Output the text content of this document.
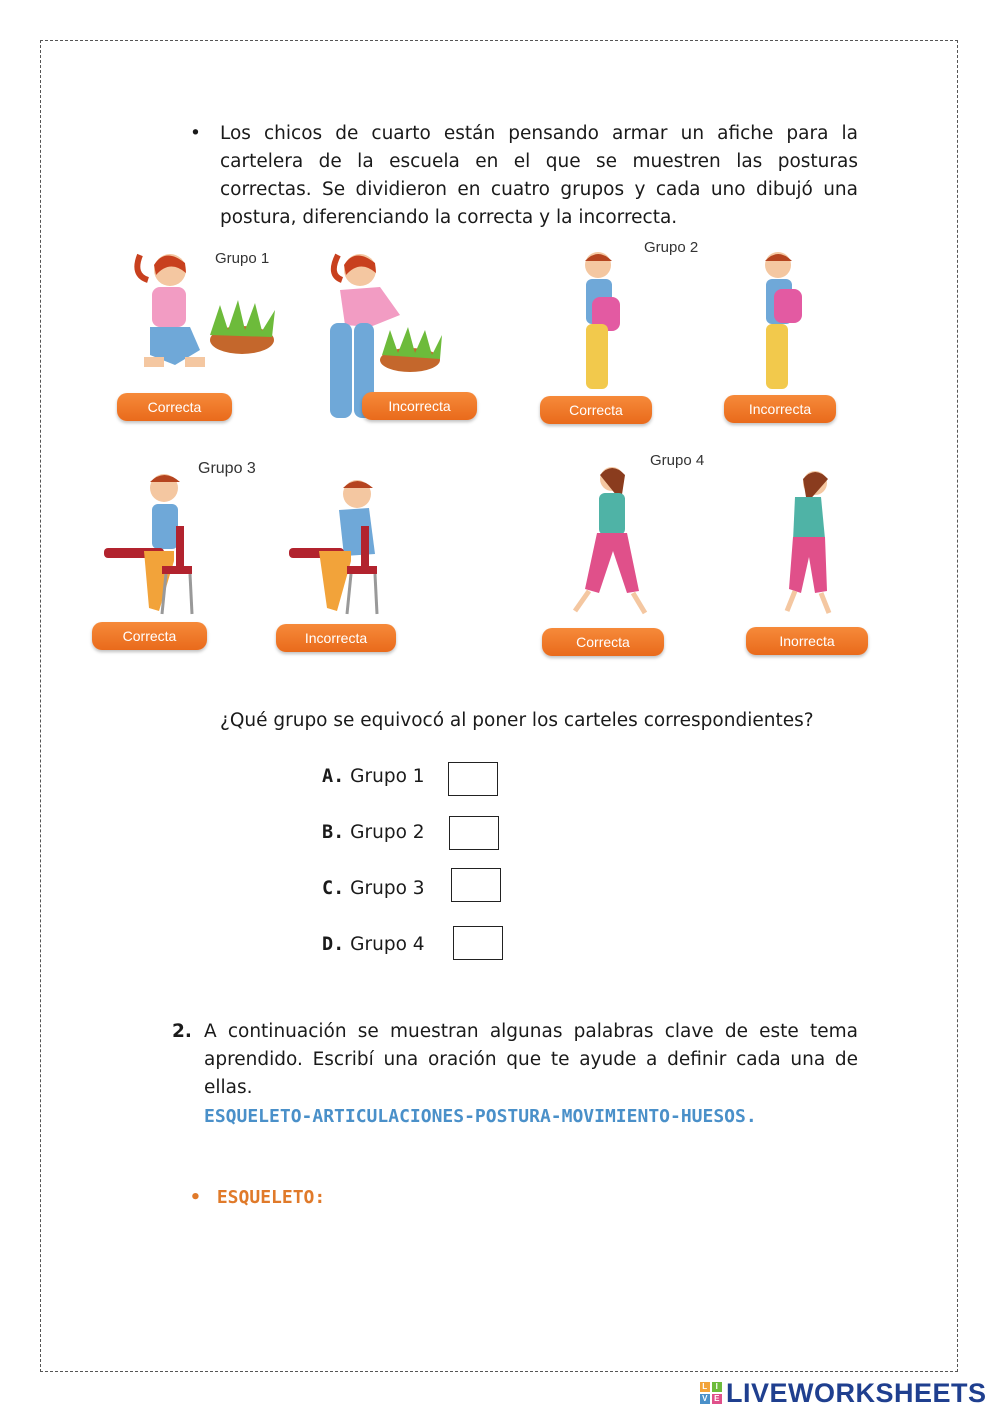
• Los chicos de cuarto están pensando armar un afiche para la cartelera de la escuela en el que se muestren las posturas correctas. Se dividieron en cuatro grupos y cada uno dibujó una postura, diferenciando la correcta y la incorrecta.

Grupo 1
Correcta	Incorrecta
Grupo 2
Correcta	Incorrecta
Grupo 3
Correcta	Incorrecta
Grupo 4
Correcta	Inorrecta
¿Qué grupo se equivocó al poner los carteles correspondientes?
A. Grupo 1
B. Grupo 2
C. Grupo 3
D. Grupo 4
2. A continuación se muestran algunas palabras clave de este tema aprendido. Escribí una oración que te ayude a definir cada una de ellas.

ESQUELETO-ARTICULACIONES-POSTURA-MOVIMIENTO-HUESOS.
• ESQUELETO:
L I
V E LIVEWORKSHEETS
